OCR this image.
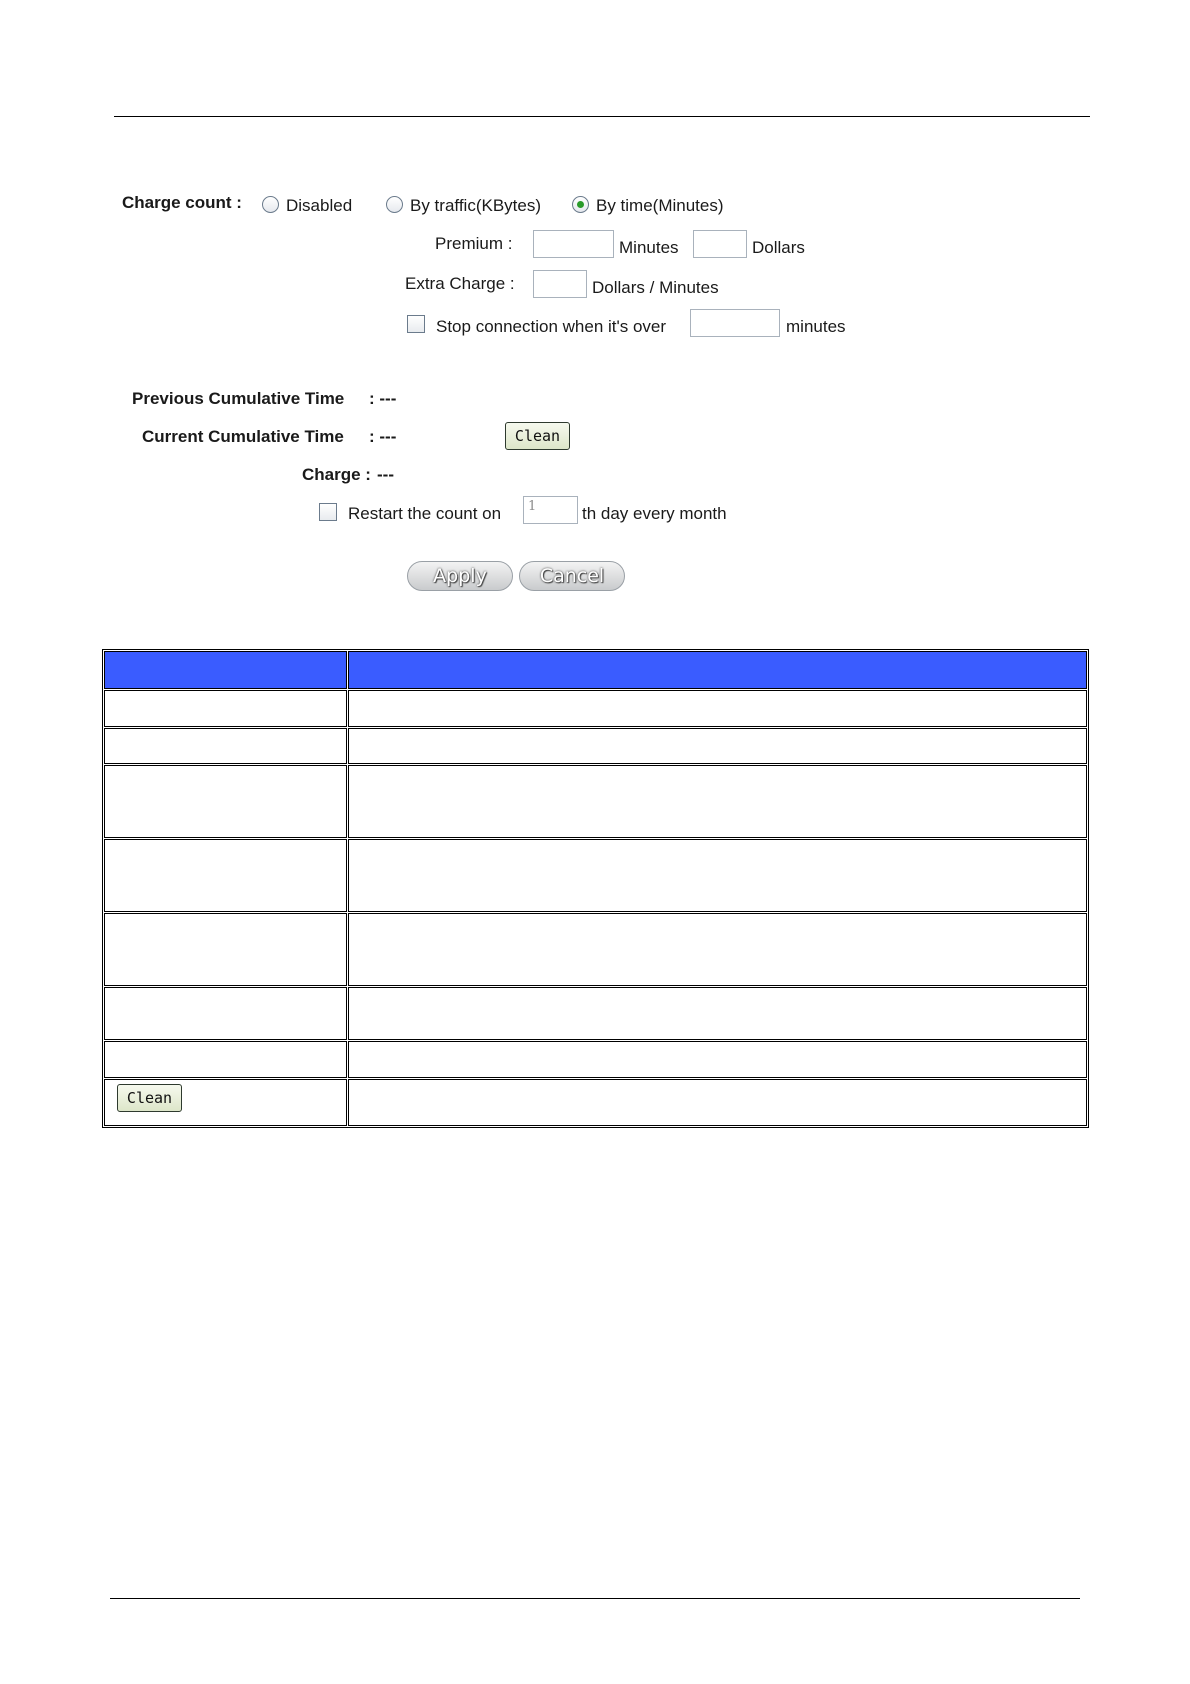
Charge count :	Disabled	By traffic(KBytes)	By time(Minutes)
Premium :	Minutes	Dollars
Extra Charge :	Dollars / Minutes
Stop connection when it's over	minutes
Previous Cumulative Time : ---
Current Cumulative Time : ---	Clean
Charge : ---
Restart the count on	1	th day every month
Apply	Cancel

Clean	
